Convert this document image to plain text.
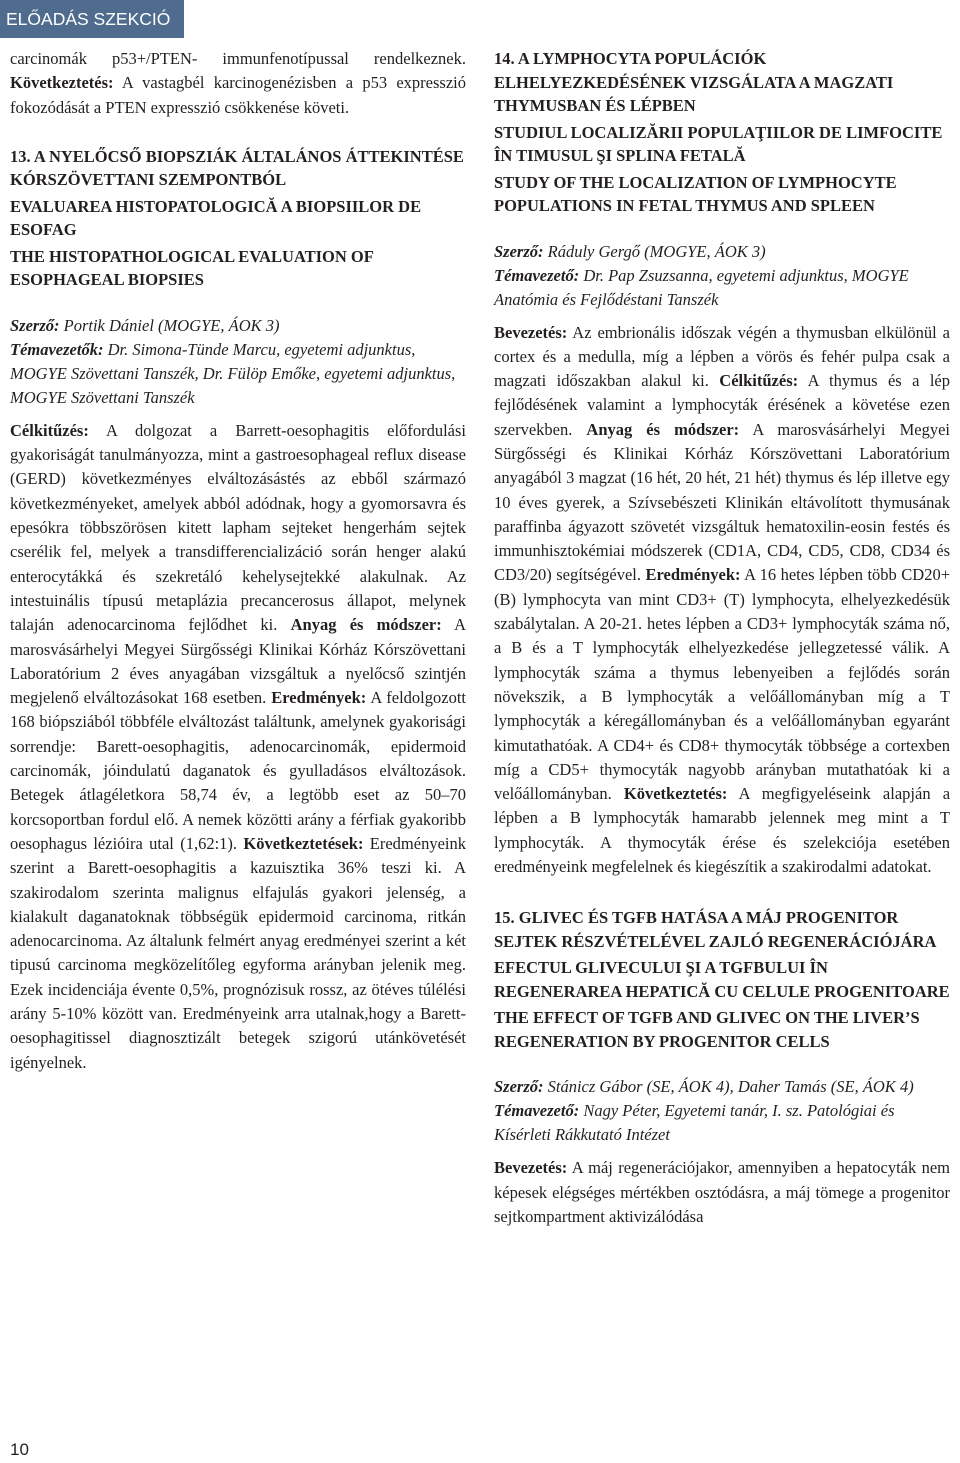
ELŐADÁS SZEKCIÓ

carcinomák p53+/PTEN- immunfenotípussal rendelkeznek. Következtetés: A vastagbél karcinogenézisben a p53 expresszió fokozódását a PTEN expresszió csökkenése követi.

13. A NYELŐCSŐ BIOPSZIÁK ÁLTALÁNOS ÁTTEKINTÉSE KÓRSZÖVETTANI SZEMPONTBÓL
EVALUAREA HISTOPATOLOGICĂ A BIOPSIILOR DE ESOFAG
THE HISTOPATHOLOGICAL EVALUATION OF ESOPHAGEAL BIOPSIES
Szerző: Portik Dániel (MOGYE, ÁOK 3)
Témavezetők: Dr. Simona-Tünde Marcu, egyetemi adjunktus, MOGYE Szövettani Tanszék, Dr. Fülöp Emőke, egyetemi adjunktus, MOGYE Szövettani Tanszék

Célkitűzés: A dolgozat a Barrett-oesophagitis előfordulási gyakoriságát tanulmányozza, mint a gastroesophageal reflux disease (GERD) következményes elváltozásástés az ebből származó következményeket, amelyek abból adódnak, hogy a gyomorsavra és epesókra többszörösen kitett lapham sejteket hengerhám sejtek cserélik fel, melyek a transdifferencializáció során henger alakú enterocytákká és szekretáló kehelysejtekké alakulnak. Az intestuinális típusú metaplázia precancerosus állapot, melynek talaján adenocarcinoma fejlődhet ki. Anyag és módszer: A marosvásárhelyi Megyei Sürgősségi Klinikai Kórház Kórszövettani Laboratórium 2 éves anyagában vizsgáltuk a nyelőcső szintjén megjelenő elváltozásokat 168 esetben. Eredmények: A feldolgozott 168 biópsziából többféle elváltozást találtunk, amelynek gyakorisági sorrendje: Barett-oesophagitis, adenocarcinomák, epidermoid carcinomák, jóindulatú daganatok és gyulladásos elváltozások. Betegek átlagéletkora 58,74 év, a legtöbb eset az 50–70 korcsoportban fordul elő. A nemek közötti arány a férfiak gyakoribb oesophagus lézióira utal (1,62:1). Következtetések: Eredményeink szerint a Barett-oesophagitis a kazuisztika 36% teszi ki. A szakirodalom szerinta malignus elfajulás gyakori jelenség, a kialakult daganatoknak többségük epidermoid carcinoma, ritkán adenocarcinoma. Az általunk felmért anyag eredményei szerint a két tipusú carcinoma megközelítőleg egyforma arányban jelenik meg. Ezek incidenciája évente 0,5%, prognózisuk rossz, az ötéves túlélési arány 5-10% között van. Eredményeink arra utalnak,hogy a Barett- oesophagitissel diagnosztizált betegek szigorú utánkövetését igényelnek.

14. A LYMPHOCYTA POPULÁCIÓK ELHELYEZKEDÉSÉNEK VIZSGÁLATA A MAGZATI THYMUSBAN ÉS LÉPBEN
STUDIUL LOCALIZĂRII POPULAŢIILOR DE LIMFOCITE ÎN TIMUSUL ŞI SPLINA FETALĂ
STUDY OF THE LOCALIZATION OF LYMPHOCYTE POPULATIONS IN FETAL THYMUS AND SPLEEN
Szerző: Ráduly Gergő (MOGYE, ÁOK 3)
Témavezető: Dr. Pap Zsuzsanna, egyetemi adjunktus, MOGYE Anatómia és Fejlődéstani Tanszék

Bevezetés: Az embrionális időszak végén a thymusban elkülönül a cortex és a medulla, míg a lépben a vörös és fehér pulpa csak a magzati időszakban alakul ki. Célkitűzés: A thymus és a lép fejlődésének valamint a lymphocyták érésének a követése ezen szervekben. Anyag és módszer: A marosvásárhelyi Megyei Sürgősségi és Klinikai Kórház Kórszövettani Laboratórium anyagából 3 magzat (16 hét, 20 hét, 21 hét) thymus és lép illetve egy 10 éves gyerek, a Szívsebészeti Klinikán eltávolított thymusának paraffinba ágyazott szövetét vizsgáltuk hematoxilin-eosin festés és immunhisztokémiai módszerek (CD1A, CD4, CD5, CD8, CD34 és CD3/20) segítségével. Eredmények: A 16 hetes lépben több CD20+ (B) lymphocyta van mint CD3+ (T) lymphocyta, elhelyezkedésük szabálytalan. A 20-21. hetes lépben a CD3+ lymphocyták száma nő, a B és a T lymphocyták elhelyezkedése jellegzetessé válik. A lymphocyták száma a thymus lebenyeiben a fejlődés során növekszik, a B lymphocyták a velőállományban míg a T lymphocyták a kéregállományban és a velőállományban egyaránt kimutathatóak. A CD4+ és CD8+ thymocyták többsége a cortexben míg a CD5+ thymocyták nagyobb arányban mutathatóak ki a velőállományban. Következtetés: A megfigyeléseink alapján a lépben a B lymphocyták hamarabb jelennek meg mint a T lymphocyták. A thymocyták érése és szelekciója esetében eredményeink megfelelnek és kiegészítik a szakirodalmi adatokat.

15. GLIVEC ÉS TGFB HATÁSA A MÁJ PROGENITOR SEJTEK RÉSZVÉTELÉVEL ZAJLÓ REGENERÁCIÓJÁRA
EFECTUL GLIVECULUI ŞI A TGFBULUI ÎN REGENERAREA HEPATICĂ CU CELULE PROGENITOARE
THE EFFECT OF TGFB AND GLIVEC ON THE LIVER’S REGENERATION BY PROGENITOR CELLS
Szerző: Stánicz Gábor (SE, ÁOK 4), Daher Tamás (SE, ÁOK 4)
Témavezető: Nagy Péter, Egyetemi tanár, I. sz. Patológiai és Kísérleti Rákkutató Intézet

Bevezetés: A máj regenerációjakor, amennyiben a hepatocyták nem képesek elégséges mértékben osztódásra, a máj tömege a progenitor sejtkompartment aktivizálódása

10
